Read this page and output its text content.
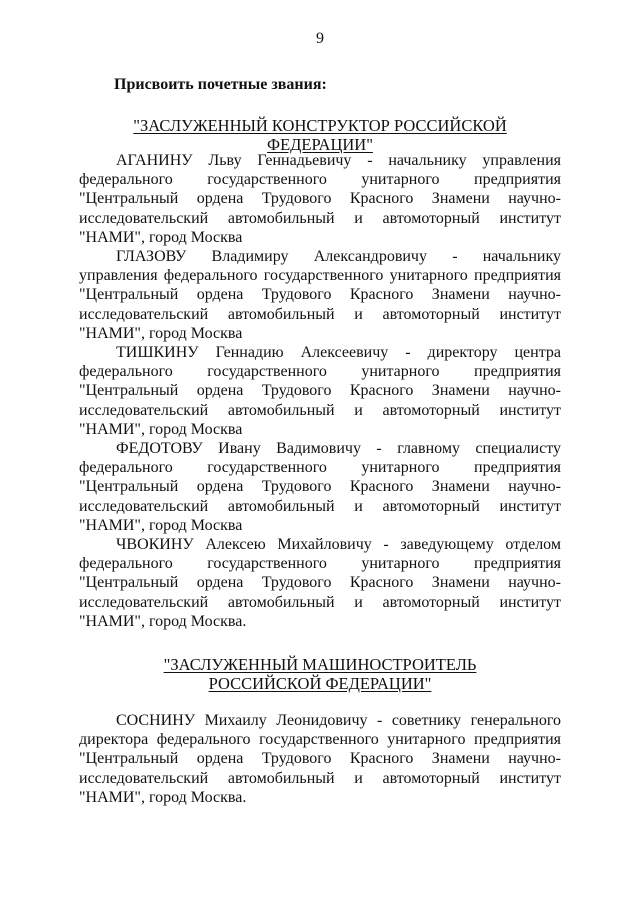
9
Присвоить почетные звания:
"ЗАСЛУЖЕННЫЙ КОНСТРУКТОР РОССИЙСКОЙ ФЕДЕРАЦИИ"
АГАНИНУ Льву Геннадьевичу - начальнику управления
федерального государственного унитарного предприятия
"Центральный ордена Трудового Красного Знамени научно-
исследовательский автомобильный и автомоторный институт
"НАМИ", город Москва
ГЛАЗОВУ Владимиру Александровичу - начальнику
управления федерального государственного унитарного предприятия
"Центральный ордена Трудового Красного Знамени научно-
исследовательский автомобильный и автомоторный институт
"НАМИ", город Москва
ТИШКИНУ Геннадию Алексеевичу - директору центра
федерального государственного унитарного предприятия
"Центральный ордена Трудового Красного Знамени научно-
исследовательский автомобильный и автомоторный институт
"НАМИ", город Москва
ФЕДОТОВУ Ивану Вадимовичу - главному специалисту
федерального государственного унитарного предприятия
"Центральный ордена Трудового Красного Знамени научно-
исследовательский автомобильный и автомоторный институт
"НАМИ", город Москва
ЧВОКИНУ Алексею Михайловичу - заведующему отделом
федерального государственного унитарного предприятия
"Центральный ордена Трудового Красного Знамени научно-
исследовательский автомобильный и автомоторный институт
"НАМИ", город Москва.
"ЗАСЛУЖЕННЫЙ МАШИНОСТРОИТЕЛЬ
РОССИЙСКОЙ ФЕДЕРАЦИИ"
СОСНИНУ Михаилу Леонидовичу - советнику генерального
директора федерального государственного унитарного предприятия
"Центральный ордена Трудового Красного Знамени научно-
исследовательский автомобильный и автомоторный институт
"НАМИ", город Москва.
